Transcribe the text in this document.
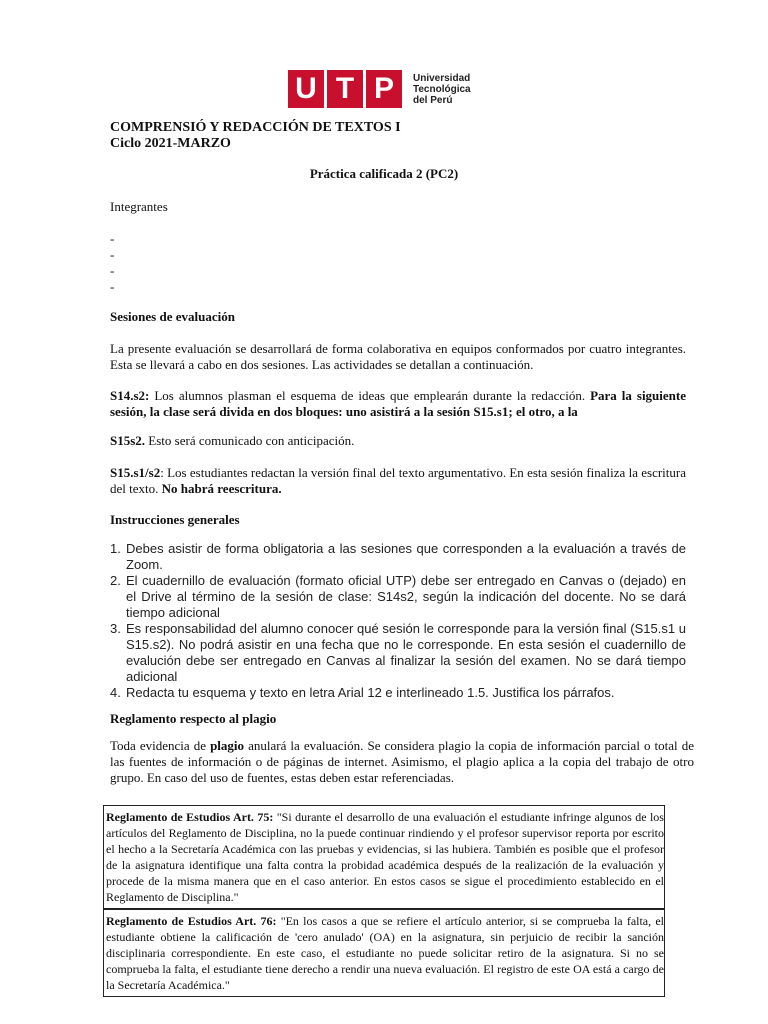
U T P	Universidad
Tecnológica
del Perú
COMPRENSIÓ Y REDACCIÓN DE TEXTOS I
Ciclo 2021-MARZO
Práctica calificada 2 (PC2)
Integrantes
-
-
-
-
Sesiones de evaluación
La presente evaluación se desarrollará de forma colaborativa en equipos conformados por cuatro integrantes. Esta se llevará a cabo en dos sesiones. Las actividades se detallan a continuación.
S14.s2: Los alumnos plasman el esquema de ideas que emplearán durante la redacción. Para la siguiente sesión, la clase será divida en dos bloques: uno asistirá a la sesión S15.s1; el otro, a la
S15s2. Esto será comunicado con anticipación.
S15.s1/s2: Los estudiantes redactan la versión final del texto argumentativo. En esta sesión finaliza la escritura del texto. No habrá reescritura.
Instrucciones generales
1. Debes asistir de forma obligatoria a las sesiones que corresponden a la evaluación a través de Zoom.
2. El cuadernillo de evaluación (formato oficial UTP) debe ser entregado en Canvas o (dejado) en el Drive al término de la sesión de clase: S14s2, según la indicación del docente. No se dará tiempo adicional
3. Es responsabilidad del alumno conocer qué sesión le corresponde para la versión final (S15.s1 u S15.s2). No podrá asistir en una fecha que no le corresponde. En esta sesión el cuadernillo de evalución debe ser entregado en Canvas al finalizar la sesión del examen. No se dará tiempo adicional
4. Redacta tu esquema y texto en letra Arial 12 e interlineado 1.5. Justifica los párrafos.
Reglamento respecto al plagio
Toda evidencia de plagio anulará la evaluación. Se considera plagio la copia de información parcial o total de las fuentes de información o de páginas de internet. Asimismo, el plagio aplica a la copia del trabajo de otro grupo. En caso del uso de fuentes, estas deben estar referenciadas.
Reglamento de Estudios Art. 75: "Si durante el desarrollo de una evaluación el estudiante infringe algunos de los artículos del Reglamento de Disciplina, no la puede continuar rindiendo y el profesor supervisor reporta por escrito el hecho a la Secretaría Académica con las pruebas y evidencias, si las hubiera. También es posible que el profesor de la asignatura identifique una falta contra la probidad académica después de la realización de la evaluación y procede de la misma manera que en el caso anterior. En estos casos se sigue el procedimiento establecido en el Reglamento de Disciplina."
Reglamento de Estudios Art. 76: "En los casos a que se refiere el artículo anterior, si se comprueba la falta, el estudiante obtiene la calificación de 'cero anulado' (OA) en la asignatura, sin perjuicio de recibir la sanción disciplinaria correspondiente. En este caso, el estudiante no puede solicitar retiro de la asignatura. Si no se comprueba la falta, el estudiante tiene derecho a rendir una nueva evaluación. El registro de este OA está a cargo de la Secretaría Académica."
